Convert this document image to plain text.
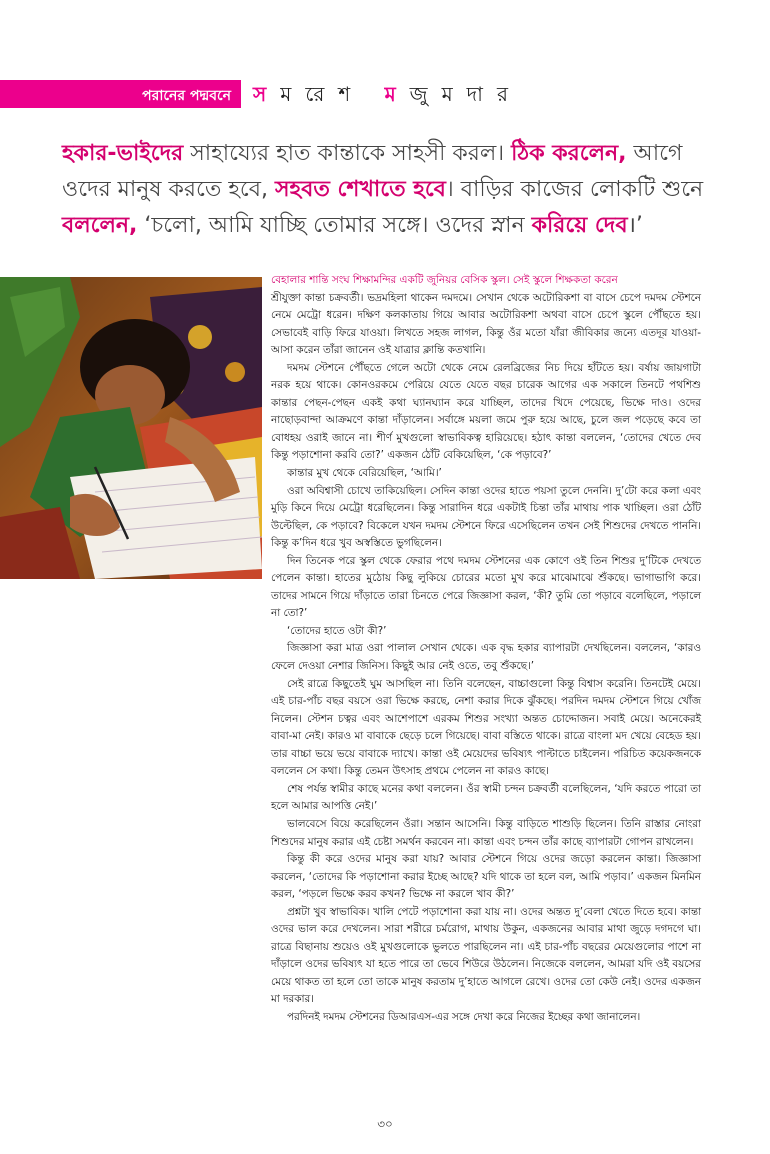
পরানের পদ্মবনে সমরেশ মজুমদার
হকার-ভাইদের সাহায্যের হাত কান্তাকে সাহসী করল। ঠিক করলেন, আগে ওদের মানুষ করতে হবে, সহবত শেখাতে হবে। বাড়ির কাজের লোকটি শুনে বললেন, ‘চলো, আমি যাচ্ছি তোমার সঙ্গে। ওদের স্নান করিয়ে দেব।’

বেহালার শান্তি সংঘ শিক্ষামন্দির একটি জুনিয়র বেসিক স্কুল। সেই স্কুলে শিক্ষকতা করেন

শ্রীযুক্তা কান্তা চক্রবর্তী। ভদ্রমহিলা থাকেন দমদমে। সেখান থেকে অটোরিকশা বা বাসে চেপে দমদম স্টেশনে নেমে মেট্রো ধরেন। দক্ষিণ কলকাতায় গিয়ে আবার অটোরিকশা অথবা বাসে চেপে স্কুলে পৌঁছতে হয়। সেভাবেই বাড়ি ফিরে যাওয়া। লিখতে সহজ লাগল, কিন্তু ওঁর মতো যাঁরা জীবিকার জন্যে এতদূর যাওয়া-আসা করেন তাঁরা জানেন ওই যাত্রার ক্লান্তি কতখানি।

দমদম স্টেশনে পৌঁছতে গেলে অটো থেকে নেমে রেলব্রিজের নিচ দিয়ে হাঁটতে হয়। বর্ষায় জায়গাটা নরক হয়ে থাকে। কোনওরকমে পেরিয়ে যেতে যেতে বছর চারেক আগের এক সকালে তিনটে পথশিশু কান্তার পেছন-পেছন একই কথা ঘ্যানঘ্যান করে যাচ্ছিল, তাদের খিদে পেয়েছে, ভিক্ষে দাও। ওদের নাছোড়বান্দা আক্রমণে কান্তা দাঁড়ালেন। সর্বাঙ্গে ময়লা জমে পুরু হয়ে আছে, চুলে জল পড়েছে কবে তা বোধহয় ওরাই জানে না। শীর্ণ মুখগুলো স্বাভাবিকত্ব হারিয়েছে। হঠাৎ কান্তা বললেন, ‘তোদের খেতে দেব কিন্তু পড়াশোনা করবি তো?’ একজন ঠোঁট বেকিয়েছিল, ‘কে পড়াবে?’

কান্তার মুখ থেকে বেরিয়েছিল, ‘আমি।’

ওরা অবিশ্বাসী চোখে তাকিয়েছিল। সেদিন কান্তা ওদের হাতে পয়সা তুলে দেননি। দু’টো করে কলা এবং মুড়ি কিনে দিয়ে মেট্রো ধরেছিলেন। কিন্তু সারাদিন ধরে একটাই চিন্তা তাঁর মাথায় পাক খাচ্ছিল। ওরা ঠোঁট উল্টেছিল, কে পড়াবে? বিকেলে যখন দমদম স্টেশনে ফিরে এসেছিলেন তখন সেই শিশুদের দেখতে পাননি। কিন্তু ক’দিন ধরে খুব অস্বস্তিতে ভুগছিলেন।

দিন তিনেক পরে স্কুল থেকে ফেরার পথে দমদম স্টেশনের এক কোণে ওই তিন শিশুর দু’টিকে দেখতে পেলেন কান্তা। হাতের মুঠোয় কিছু লুকিয়ে চোরের মতো মুখ করে মাঝেমাঝে শুঁকছে। ভাগাভাগি করে। তাদের সামনে গিয়ে দাঁড়াতে তারা চিনতে পেরে জিজ্ঞাসা করল, ‘কী? তুমি তো পড়াবে বলেছিলে, পড়ালে না তো?’

‘তোদের হাতে ওটা কী?’

জিজ্ঞাসা করা মাত্র ওরা পালাল সেখান থেকে। এক বৃদ্ধ হকার ব্যাপারটা দেখছিলেন। বললেন, ‘কারও ফেলে দেওয়া নেশার জিনিস। কিছুই আর নেই ওতে, তবু শুঁকছে।’

সেই রাত্রে কিছুতেই ঘুম আসছিল না। তিনি বলেছেন, বাচ্চাগুলো কিন্তু বিশ্বাস করেনি। তিনটেই মেয়ে। এই চার-পাঁচ বছর বয়সে ওরা ভিক্ষে করছে, নেশা করার দিকে ঝুঁকছে। পরদিন দমদম স্টেশনে গিয়ে খোঁজ নিলেন। স্টেশন চত্বর এবং আশেপাশে এরকম শিশুর সংখ্যা অন্তত চোদ্দোজন। সবাই মেয়ে। অনেকেরই বাবা-মা নেই। কারও মা বাবাকে ছেড়ে চলে গিয়েছে। বাবা বস্তিতে থাকে। রাত্রে বাংলা মদ খেয়ে বেহেড হয়। তার বাচ্চা ভয়ে ভয়ে বাবাকে দ্যাখে। কান্তা ওই মেয়েদের ভবিষ্যৎ পাল্টাতে চাইলেন। পরিচিত কয়েকজনকে বললেন সে কথা। কিন্তু তেমন উৎসাহ প্রথমে পেলেন না কারও কাছে।

শেষ পর্যন্ত স্বামীর কাছে মনের কথা বললেন। ওঁর স্বামী চন্দন চক্রবর্তী বলেছিলেন, ‘যদি করতে পারো তা হলে আমার আপত্তি নেই।’

ভালবেসে বিয়ে করেছিলেন ওঁরা। সন্তান আসেনি। কিন্তু বাড়িতে শাশুড়ি ছিলেন। তিনি রাস্তার নোংরা শিশুদের মানুষ করার এই চেষ্টা সমর্থন করবেন না। কান্তা এবং চন্দন তাঁর কাছে ব্যাপারটা গোপন রাখলেন।

কিন্তু কী করে ওদের মানুষ করা যায়? আবার স্টেশনে গিয়ে ওদের জড়ো করলেন কান্তা। জিজ্ঞাসা করলেন, ‘তোদের কি পড়াশোনা করার ইচ্ছে আছে? যদি থাকে তা হলে বল, আমি পড়াব।’ একজন মিনমিন করল, ‘পড়লে ভিক্ষে করব কখন? ভিক্ষে না করলে খাব কী?’

প্রশ্নটা খুব স্বাভাবিক। খালি পেটে পড়াশোনা করা যায় না। ওদের অন্তত দু’বেলা খেতে দিতে হবে। কান্তা ওদের ভাল করে দেখলেন। সারা শরীরে চর্মরোগ, মাথায় উকুন, একজনের আবার মাথা জুড়ে দগদগে ঘা। রাত্রে বিছানায় শুয়েও ওই মুখগুলোকে ভুলতে পারছিলেন না। এই চার-পাঁচ বছরের মেয়েগুলোর পাশে না দাঁড়ালে ওদের ভবিষ্যৎ যা হতে পারে তা ভেবে শিউরে উঠলেন। নিজেকে বললেন, আমরা যদি ওই বয়সের মেয়ে থাকত তা হলে তো তাকে মানুষ করতাম দু’হাতে আগলে রেখে। ওদের তো কেউ নেই। ওদের একজন মা দরকার।

পরদিনই দমদম স্টেশনের ডিআরএস-এর সঙ্গে দেখা করে নিজের ইচ্ছের কথা জানালেন।

৩০
